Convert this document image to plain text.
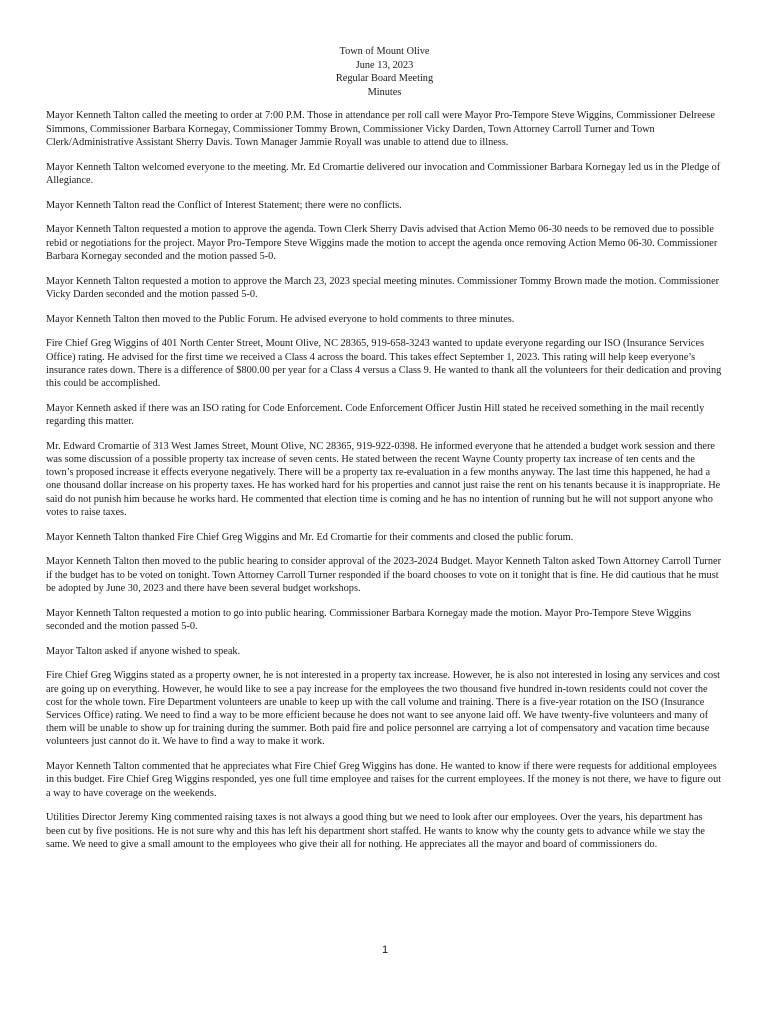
Town of Mount Olive
June 13, 2023
Regular Board Meeting
Minutes

Mayor Kenneth Talton called the meeting to order at 7:00 P.M. Those in attendance per roll call were Mayor Pro-Tempore Steve Wiggins, Commissioner Delreese Simmons, Commissioner Barbara Kornegay, Commissioner Tommy Brown, Commissioner Vicky Darden, Town Attorney Carroll Turner and Town Clerk/Administrative Assistant Sherry Davis. Town Manager Jammie Royall was unable to attend due to illness.

Mayor Kenneth Talton welcomed everyone to the meeting. Mr. Ed Cromartie delivered our invocation and Commissioner Barbara Kornegay led us in the Pledge of Allegiance.

Mayor Kenneth Talton read the Conflict of Interest Statement; there were no conflicts.

Mayor Kenneth Talton requested a motion to approve the agenda. Town Clerk Sherry Davis advised that Action Memo 06-30 needs to be removed due to possible rebid or negotiations for the project. Mayor Pro-Tempore Steve Wiggins made the motion to accept the agenda once removing Action Memo 06-30. Commissioner Barbara Kornegay seconded and the motion passed 5-0.

Mayor Kenneth Talton requested a motion to approve the March 23, 2023 special meeting minutes. Commissioner Tommy Brown made the motion. Commissioner Vicky Darden seconded and the motion passed 5-0.

Mayor Kenneth Talton then moved to the Public Forum. He advised everyone to hold comments to three minutes.

Fire Chief Greg Wiggins of 401 North Center Street, Mount Olive, NC 28365, 919-658-3243 wanted to update everyone regarding our ISO (Insurance Services Office) rating. He advised for the first time we received a Class 4 across the board. This takes effect September 1, 2023. This rating will help keep everyone’s insurance rates down. There is a difference of $800.00 per year for a Class 4 versus a Class 9. He wanted to thank all the volunteers for their dedication and proving this could be accomplished.

Mayor Kenneth asked if there was an ISO rating for Code Enforcement. Code Enforcement Officer Justin Hill stated he received something in the mail recently regarding this matter.

Mr. Edward Cromartie of 313 West James Street, Mount Olive, NC 28365, 919-922-0398. He informed everyone that he attended a budget work session and there was some discussion of a possible property tax increase of seven cents. He stated between the recent Wayne County property tax increase of ten cents and the town’s proposed increase it effects everyone negatively. There will be a property tax re-evaluation in a few months anyway. The last time this happened, he had a one thousand dollar increase on his property taxes. He has worked hard for his properties and cannot just raise the rent on his tenants because it is inappropriate. He said do not punish him because he works hard. He commented that election time is coming and he has no intention of running but he will not support anyone who votes to raise taxes.

Mayor Kenneth Talton thanked Fire Chief Greg Wiggins and Mr. Ed Cromartie for their comments and closed the public forum.

Mayor Kenneth Talton then moved to the public hearing to consider approval of the 2023-2024 Budget. Mayor Kenneth Talton asked Town Attorney Carroll Turner if the budget has to be voted on tonight. Town Attorney Carroll Turner responded if the board chooses to vote on it tonight that is fine. He did cautious that he must be adopted by June 30, 2023 and there have been several budget workshops.

Mayor Kenneth Talton requested a motion to go into public hearing. Commissioner Barbara Kornegay made the motion. Mayor Pro-Tempore Steve Wiggins seconded and the motion passed 5-0.

Mayor Talton asked if anyone wished to speak.

Fire Chief Greg Wiggins stated as a property owner, he is not interested in a property tax increase. However, he is also not interested in losing any services and cost are going up on everything. However, he would like to see a pay increase for the employees the two thousand five hundred in-town residents could not cover the cost for the whole town. Fire Department volunteers are unable to keep up with the call volume and training. There is a five-year rotation on the ISO (Insurance Services Office) rating. We need to find a way to be more efficient because he does not want to see anyone laid off. We have twenty-five volunteers and many of them will be unable to show up for training during the summer. Both paid fire and police personnel are carrying a lot of compensatory and vacation time because volunteers just cannot do it. We have to find a way to make it work.

Mayor Kenneth Talton commented that he appreciates what Fire Chief Greg Wiggins has done. He wanted to know if there were requests for additional employees in this budget. Fire Chief Greg Wiggins responded, yes one full time employee and raises for the current employees. If the money is not there, we have to figure out a way to have coverage on the weekends.

Utilities Director Jeremy King commented raising taxes is not always a good thing but we need to look after our employees. Over the years, his department has been cut by five positions. He is not sure why and this has left his department short staffed. He wants to know why the county gets to advance while we stay the same. We need to give a small amount to the employees who give their all for nothing. He appreciates all the mayor and board of commissioners do.

1
